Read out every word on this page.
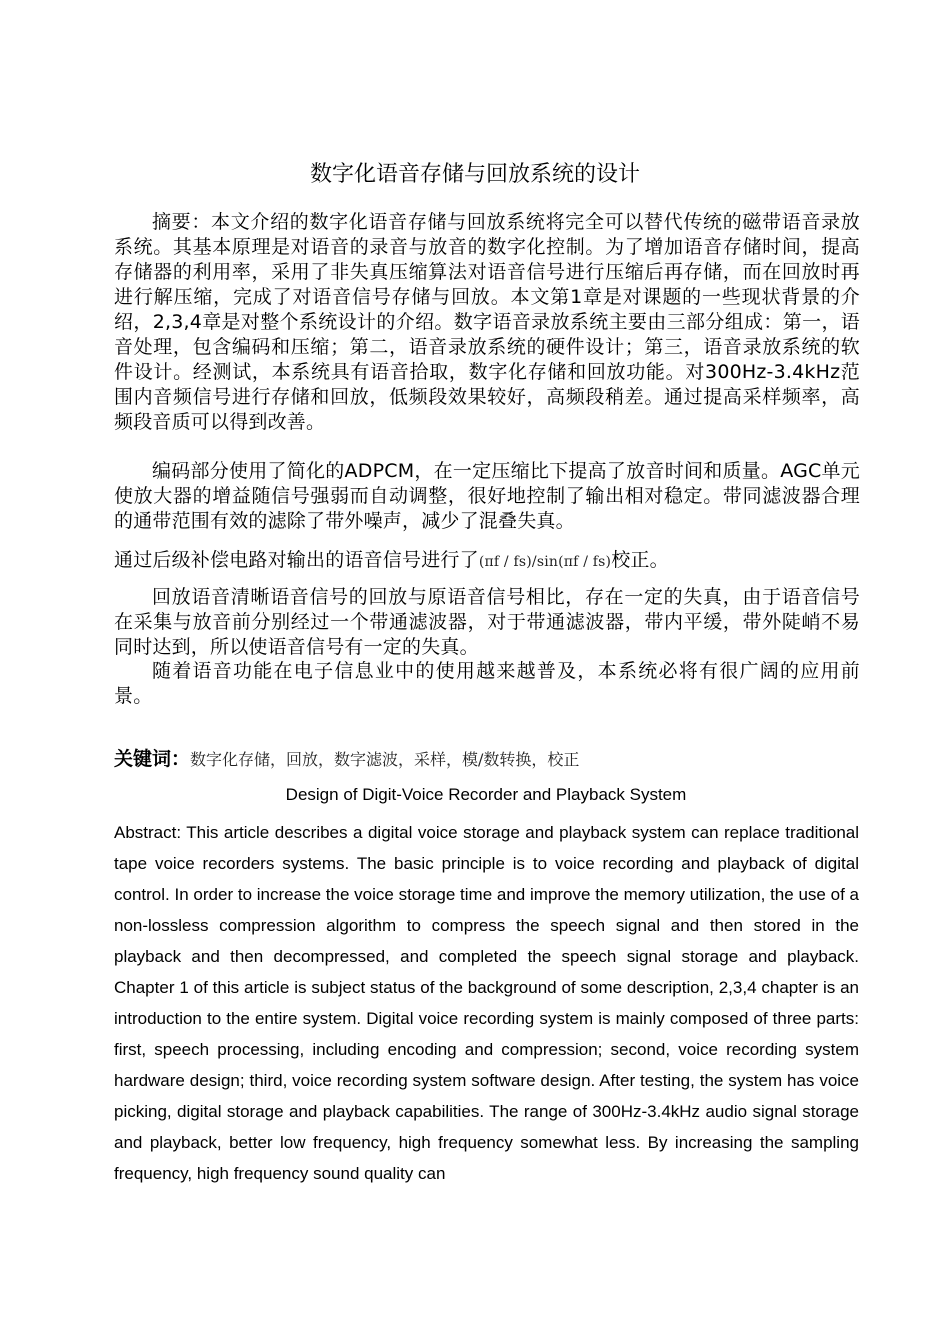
数字化语音存储与回放系统的设计
摘要：本文介绍的数字化语音存储与回放系统将完全可以替代传统的磁带语音录放系统。其基本原理是对语音的录音与放音的数字化控制。为了增加语音存储时间，提高存储器的利用率，采用了非失真压缩算法对语音信号进行压缩后再存储，而在回放时再进行解压缩，完成了对语音信号存储与回放。本文第1章是对课题的一些现状背景的介绍，2,3,4章是对整个系统设计的介绍。数字语音录放系统主要由三部分组成：第一，语音处理，包含编码和压缩；第二，语音录放系统的硬件设计；第三，语音录放系统的软件设计。经测试，本系统具有语音拾取，数字化存储和回放功能。对300Hz-3.4kHz范围内音频信号进行存储和回放，低频段效果较好，高频段稍差。通过提高采样频率，高频段音质可以得到改善。
编码部分使用了简化的ADPCM，在一定压缩比下提高了放音时间和质量。AGC单元使放大器的增益随信号强弱而自动调整，很好地控制了输出相对稳定。带同滤波器合理的通带范围有效的滤除了带外噪声，减少了混叠失真。
通过后级补偿电路对输出的语音信号进行了(πf / fs)/sin(πf / fs)校正。
回放语音清晰语音信号的回放与原语音信号相比，存在一定的失真，由于语音信号在采集与放音前分别经过一个带通滤波器，对于带通滤波器，带内平缓，带外陡峭不易同时达到，所以使语音信号有一定的失真。
随着语音功能在电子信息业中的使用越来越普及，本系统必将有很广阔的应用前景。
关键词：数字化存储，回放，数字滤波，采样，模/数转换，校正
Design of Digit-Voice Recorder and Playback System

Abstract: This article describes a digital voice storage and playback system can replace traditional tape voice recorders systems. The basic principle is to voice recording and playback of digital control. In order to increase the voice storage time and improve the memory utilization, the use of a non-lossless compression algorithm to compress the speech signal and then stored in the playback and then decompressed, and completed the speech signal storage and playback. Chapter 1 of this article is subject status of the background of some description, 2,3,4 chapter is an introduction to the entire system. Digital voice recording system is mainly composed of three parts: first, speech processing, including encoding and compression; second, voice recording system hardware design; third, voice recording system software design. After testing, the system has voice picking, digital storage and playback capabilities. The range of 300Hz-3.4kHz audio signal storage and playback, better low frequency, high frequency somewhat less. By increasing the sampling frequency, high frequency sound quality can
